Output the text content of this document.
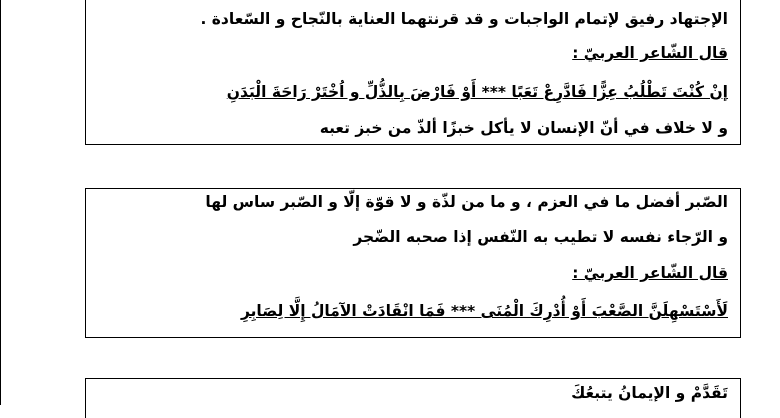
الإجتهاد رفيق لإتمام الواجبات و قد قرنتهما العناية بالنّجاح و السّعادة .
قال الشّاعر العربيّ :
إنْ كُنْتَ تَطْلُبُ عِزًّا فَادَّرِعْ تَعَبًا *** أَوْ فَارْضَ بِالذُّلِّ و اُخْتَرْ رَاحَةَ الْبَدَنِ
و لا خلاف في أنّ الإنسان لا يأكل خبزًا ألذّ من خبز تعبه
الصّبر أفضل ما في العزم ، و ما من لذّة و لا قوّة إلّا و الصّبر ساس لها
و الرّجاء نفسه لا تطيب به النّفس إذا صحبه الضّجر
قال الشّاعر العربيّ :
لَأَسْتَسْهِلَنَّ الصَّعْبَ أَوْ أُدْرِكَ الْمُنَى *** فَمَا انْقَادَتْ الآمَالُ إِلَّا لِصَابِرِ
تَقَدَّمْ و الإيمانُ يتبعُكَ
